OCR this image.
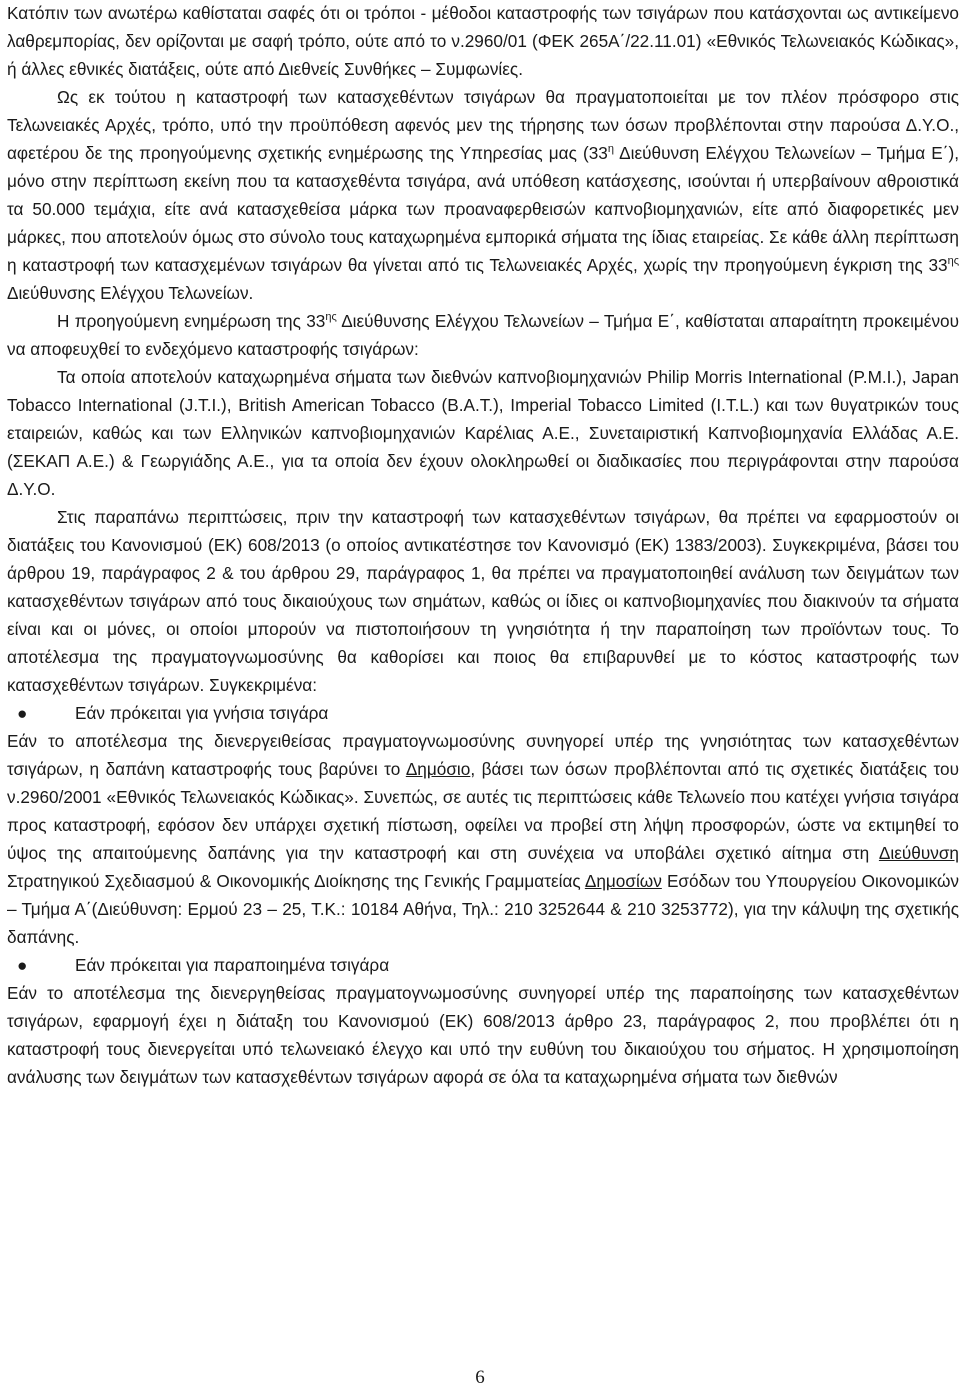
Κατόπιν των ανωτέρω καθίσταται σαφές ότι οι τρόποι - μέθοδοι καταστροφής των τσιγάρων που κατάσχονται ως αντικείμενο λαθρεμπορίας, δεν ορίζονται με σαφή τρόπο, ούτε από το ν.2960/01 (ΦΕΚ 265Α΄/22.11.01) «Εθνικός Τελωνειακός Κώδικας», ή άλλες εθνικές διατάξεις, ούτε από Διεθνείς Συνθήκες – Συμφωνίες.
Ως εκ τούτου η καταστροφή των κατασχεθέντων τσιγάρων θα πραγματοποιείται με τον πλέον πρόσφορο στις Τελωνειακές Αρχές, τρόπο, υπό την προϋπόθεση αφενός μεν της τήρησης των όσων προβλέπονται στην παρούσα Δ.Υ.Ο., αφετέρου δε της προηγούμενης σχετικής ενημέρωσης της Υπηρεσίας μας ($33^\eta$ Διεύθυνση Ελέγχου Τελωνείων – Τμήμα Ε΄), μόνο στην περίπτωση εκείνη που τα κατασχεθέντα τσιγάρα, ανά υπόθεση κατάσχεσης, ισούνται ή υπερβαίνουν αθροιστικά τα 50.000 τεμάχια, είτε ανά κατασχεθείσα μάρκα των προαναφερθεισών καπνοβιομηχανιών, είτε από διαφορετικές μεν μάρκες, που αποτελούν όμως στο σύνολο τους καταχωρημένα εμπορικά σήματα της ίδιας εταιρείας. Σε κάθε άλλη περίπτωση η καταστροφή των κατασχεμένων τσιγάρων θα γίνεται από τις Τελωνειακές Αρχές, χωρίς την προηγούμενη έγκριση της $33^{\eta\varsigma}$ Διεύθυνσης Ελέγχου Τελωνείων.
Η προηγούμενη ενημέρωση της $33^{\eta\varsigma}$ Διεύθυνσης Ελέγχου Τελωνείων – Τμήμα Ε΄, καθίσταται απαραίτητη προκειμένου να αποφευχθεί το ενδεχόμενο καταστροφής τσιγάρων:
Τα οποία αποτελούν καταχωρημένα σήματα των διεθνών καπνοβιομηχανιών Philip Morris International (P.M.I.), Japan Tobacco International (J.T.I.), British American Tobacco (B.A.T.), Imperial Tobacco Limited (I.T.L.) και των θυγατρικών τους εταιρειών, καθώς και των Ελληνικών καπνοβιομηχανιών Καρέλιας Α.Ε., Συνεταιριστική Καπνοβιομηχανία Ελλάδας Α.Ε. (ΣΕΚΑΠ Α.Ε.) & Γεωργιάδης Α.Ε., για τα οποία δεν έχουν ολοκληρωθεί οι διαδικασίες που περιγράφονται στην παρούσα Δ.Υ.Ο.
Στις παραπάνω περιπτώσεις, πριν την καταστροφή των κατασχεθέντων τσιγάρων, θα πρέπει να εφαρμοστούν οι διατάξεις του Κανονισμού (ΕΚ) 608/2013 (ο οποίος αντικατέστησε τον Κανονισμό (ΕΚ) 1383/2003). Συγκεκριμένα, βάσει του άρθρου 19, παράγραφος 2 & του άρθρου 29, παράγραφος 1, θα πρέπει να πραγματοποιηθεί ανάλυση των δειγμάτων των κατασχεθέντων τσιγάρων από τους δικαιούχους των σημάτων, καθώς οι ίδιες οι καπνοβιομηχανίες που διακινούν τα σήματα είναι και οι μόνες, οι οποίοι μπορούν να πιστοποιήσουν τη γνησιότητα ή την παραποίηση των προϊόντων τους. Το αποτέλεσμα της πραγματογνωμοσύνης θα καθορίσει και ποιος θα επιβαρυνθεί με το κόστος καταστροφής των κατασχεθέντων τσιγάρων. Συγκεκριμένα:
●	Εάν πρόκειται για γνήσια τσιγάρα
Εάν το αποτέλεσμα της διενεργειθείσας πραγματογνωμοσύνης συνηγορεί υπέρ της γνησιότητας των κατασχεθέντων τσιγάρων, η δαπάνη καταστροφής τους βαρύνει το Δημόσιο, βάσει των όσων προβλέπονται από τις σχετικές διατάξεις του ν.2960/2001 «Εθνικός Τελωνειακός Κώδικας». Συνεπώς, σε αυτές τις περιπτώσεις κάθε Τελωνείο που κατέχει γνήσια τσιγάρα προς καταστροφή, εφόσον δεν υπάρχει σχετική πίστωση, οφείλει να προβεί στη λήψη προσφορών, ώστε να εκτιμηθεί το ύψος της απαιτούμενης δαπάνης για την καταστροφή και στη συνέχεια να υποβάλει σχετικό αίτημα στη Διεύθυνση Στρατηγικού Σχεδιασμού & Οικονομικής Διοίκησης της Γενικής Γραμματείας Δημοσίων Εσόδων του Υπουργείου Οικονομικών – Τμήμα Α΄(Διεύθυνση: Ερμού 23 – 25, Τ.Κ.: 10184 Αθήνα, Τηλ.: 210 3252644 & 210 3253772), για την κάλυψη της σχετικής δαπάνης.
●	Εάν πρόκειται για παραποιημένα τσιγάρα
Εάν το αποτέλεσμα της διενεργηθείσας πραγματογνωμοσύνης συνηγορεί υπέρ της παραποίησης των κατασχεθέντων τσιγάρων, εφαρμογή έχει η διάταξη του Κανονισμού (ΕΚ) 608/2013 άρθρο 23, παράγραφος 2, που προβλέπει ότι η καταστροφή τους διενεργείται υπό τελωνειακό έλεγχο και υπό την ευθύνη του δικαιούχου του σήματος. Η χρησιμοποίηση ανάλυσης των δειγμάτων των κατασχεθέντων τσιγάρων αφορά σε όλα τα καταχωρημένα σήματα των διεθνών
6
